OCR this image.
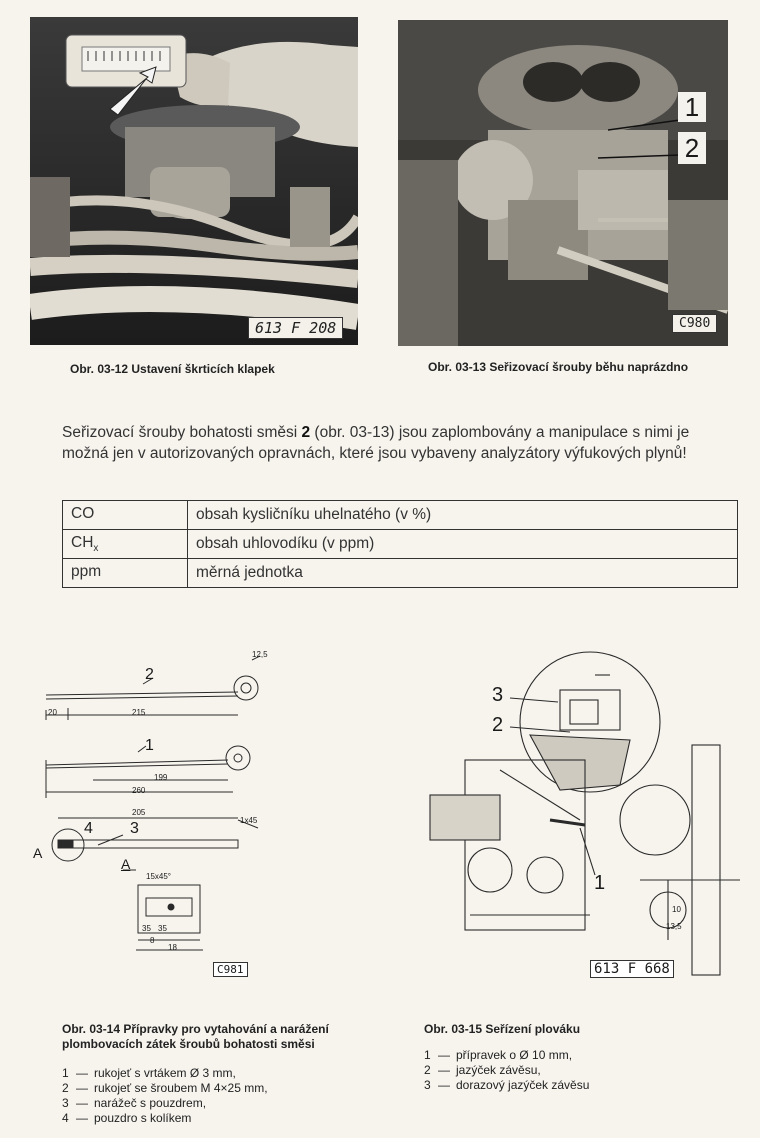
613 F 208
Obr. 03-12 Ustavení škrticích klapek
1
2
C980
Obr. 03-13 Seřizovací šrouby běhu naprázdno
Seřizovací šrouby bohatosti směsi 2 (obr. 03-13) jsou zaplombovány a manipulace s nimi je možná jen v autorizovaných opravnách, které jsou vybaveny analyzátory výfukových plynů!
CO	obsah kysličníku uhelnatého (v %)
$CH_x$	obsah uhlovodíku (v ppm)
ppm	měrná jednotka
2
1
4 3
A
A
12,5
20	215
199
260
205
1x45
15x45°
35 35
8
18
C981
3
2
1
10
13,5
613 F 668
Obr. 03-14 Přípravky pro vytahování a narážení
plombovacích zátek šroubů bohatosti směsi
1 — rukojeť s vrtákem Ø 3 mm,
2 — rukojeť se šroubem M 4×25 mm,
3 — narážeč s pouzdrem,
4 — pouzdro s kolíkem
Obr. 03-15 Seřízení plováku
1 — přípravek o Ø 10 mm,
2 — jazýček závěsu,
3 — dorazový jazýček závěsu
